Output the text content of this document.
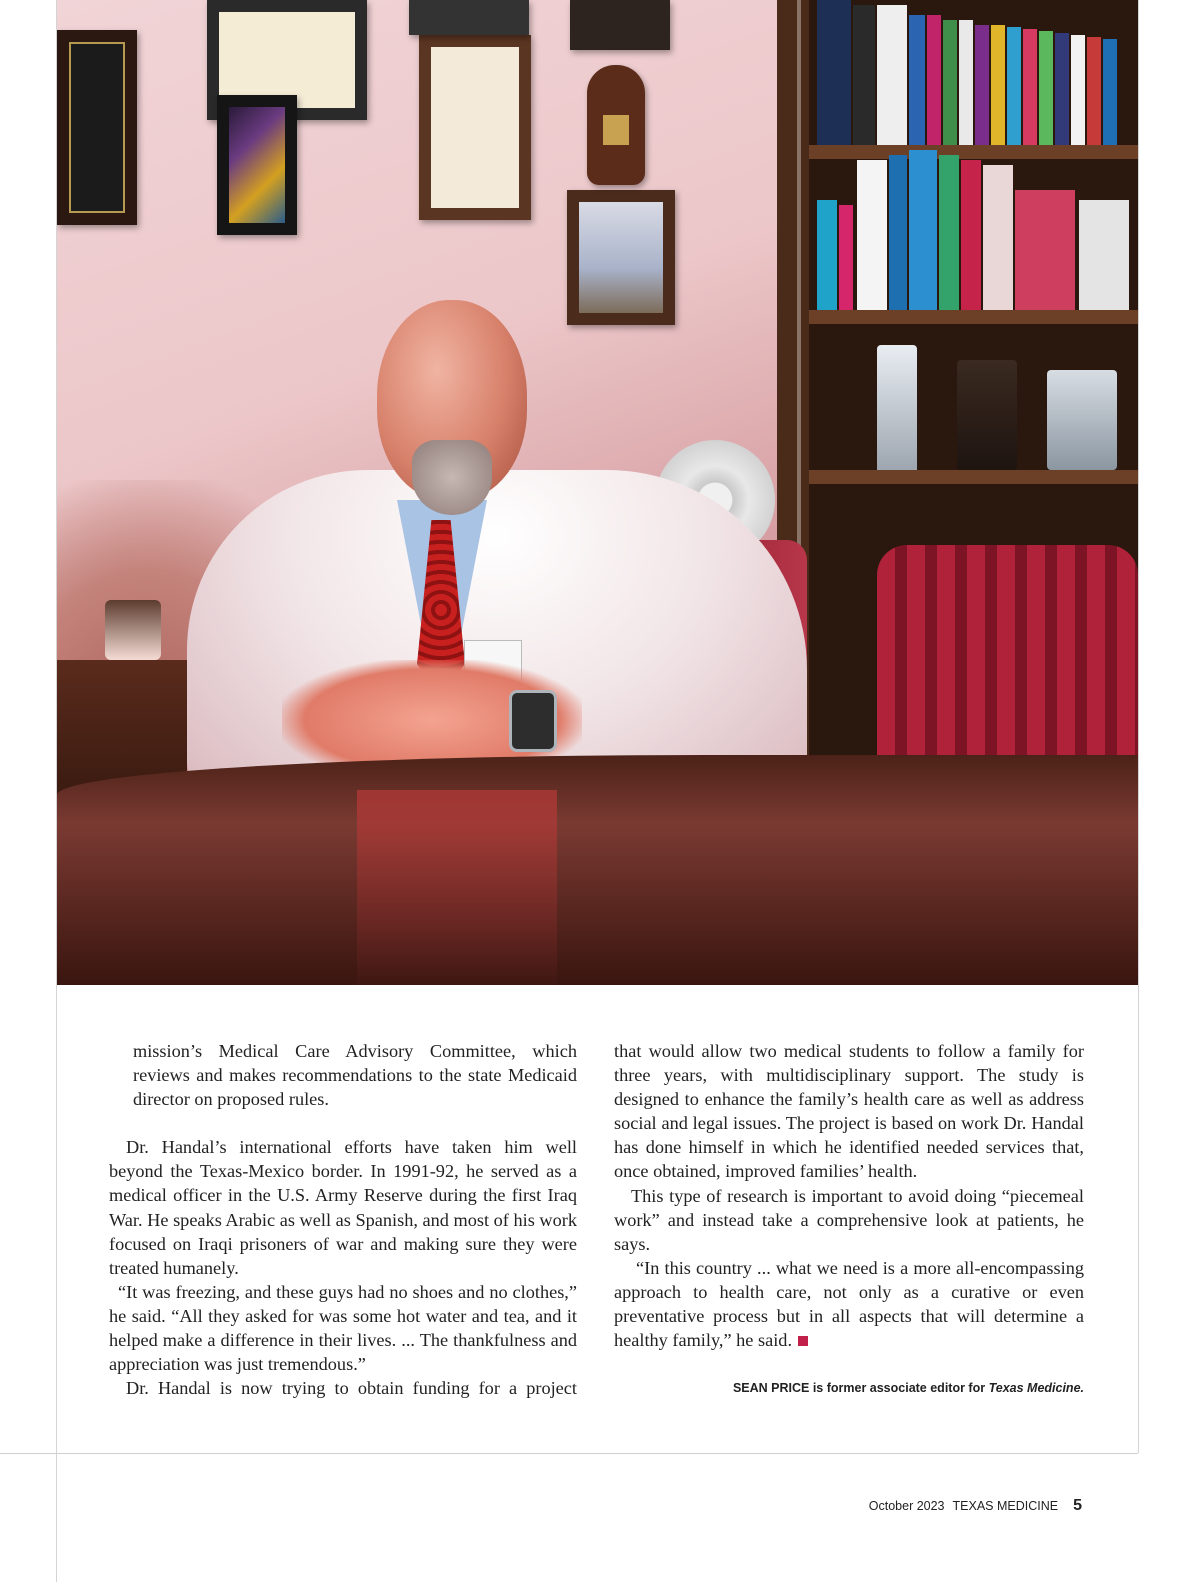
mission’s Medical Care Advisory Committee, which reviews and makes recommendations to the state Medicaid director on proposed rules.

Dr. Handal’s international efforts have taken him well beyond the Texas-Mexico border. In 1991-92, he served as a medical officer in the U.S. Army Reserve during the first Iraq War. He speaks Arabic as well as Spanish, and most of his work focused on Iraqi prisoners of war and making sure they were treated humanely.

“It was freezing, and these guys had no shoes and no clothes,” he said. “All they asked for was some hot water and tea, and it helped make a difference in their lives. ... The thankfulness and appreciation was just tremendous.”

Dr. Handal is now trying to obtain funding for a project

that would allow two medical students to follow a family for three years, with multidisciplinary support. The study is designed to enhance the family’s health care as well as address social and legal issues. The project is based on work Dr. Handal has done himself in which he identified needed services that, once obtained, improved families’ health.

This type of research is important to avoid doing “piecemeal work” and instead take a comprehensive look at patients, he says.

“In this country ... what we need is a more all-encompassing approach to health care, not only as a curative or even preventative process but in all aspects that will determine a healthy family,” he said.

SEAN PRICE is former associate editor for Texas Medicine.
October 2023 TEXAS MEDICINE 5
